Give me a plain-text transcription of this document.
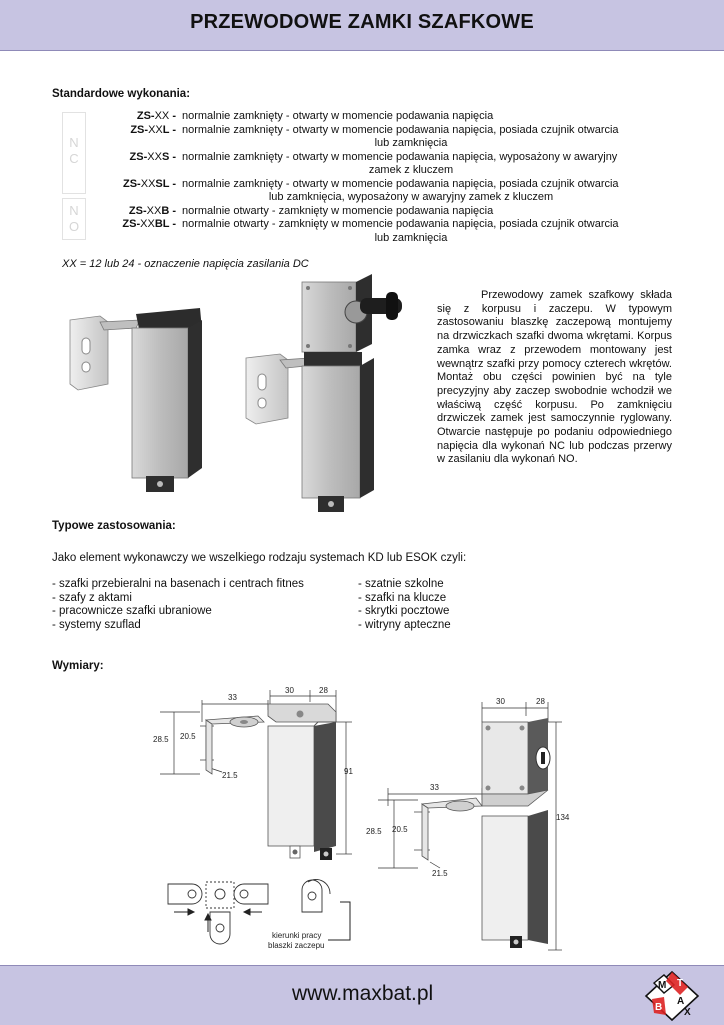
PRZEWODOWE ZAMKI SZAFKOWE
Standardowe wykonania:
N
C
N
O
ZS-XX - normalnie zamknięty - otwarty w momencie podawania napięcia
ZS-XXL - normalnie zamknięty - otwarty w momencie podawania napięcia, posiada czujnik otwarcia
lub zamknięcia
ZS-XXS - normalnie zamknięty - otwarty w momencie podawania napięcia, wyposażony w awaryjny
zamek z kluczem
ZS-XXSL - normalnie zamknięty - otwarty w momencie podawania napięcia, posiada czujnik otwarcia
lub zamknięcia, wyposażony w awaryjny zamek z kluczem
ZS-XXB - normalnie otwarty - zamknięty w momencie podawania napięcia
ZS-XXBL - normalnie otwarty - zamknięty w momencie podawania napięcia, posiada czujnik otwarcia
lub zamknięcia
XX = 12 lub 24 - oznaczenie napięcia zasilania DC
Przewodowy zamek szafkowy składa się z korpusu i zaczepu. W typowym zastosowaniu blaszkę zaczepową montujemy na drzwiczkach szafki dwoma wkrętami. Korpus zamka wraz z przewodem montowany jest wewnątrz szafki przy pomocy czterech wkrętów. Montaż obu części powinien być na tyle precyzyjny aby zaczep swobodnie wchodził we właściwą część korpusu. Po zamknięciu drzwiczek zamek jest samoczynnie ryglowany. Otwarcie następuje po podaniu odpowiedniego napięcia dla wykonań NC lub podczas przerwy w zasilaniu dla wykonań NO.
Typowe zastosowania:
Jako element wykonawczy we wszelkiego rodzaju systemach KD lub ESOK czyli:
- szafki przebieralni na basenach i centrach fitnes
- szafy z aktami
- pracownicze szafki ubraniowe
- systemy szuflad
- szatnie szkolne
- szafki na klucze
- skrytki pocztowe
- witryny apteczne
Wymiary:
33
30	28
28.5 20.5
21.5	91
30	28
33
28.5 20.5
21.5
134
kierunki pracy
blaszki zaczepu
www.maxbat.pl	M T
A
B X
